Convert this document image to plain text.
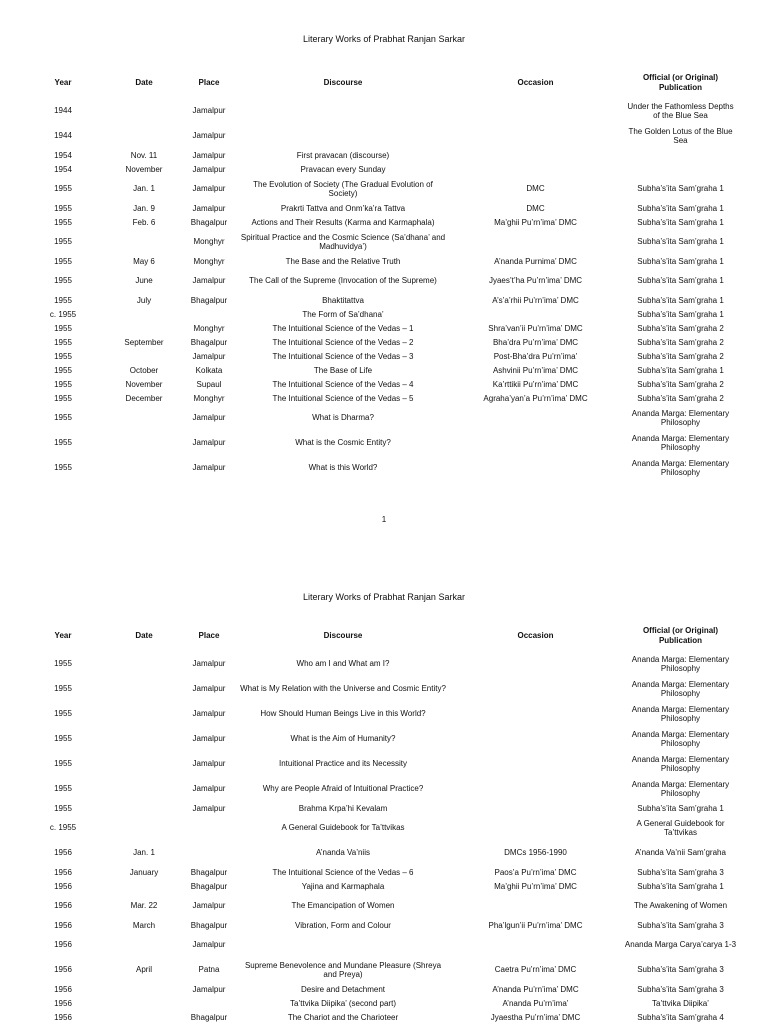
Literary Works of Prabhat Ranjan Sarkar
Year	Date	Place	Discourse	Occasion	Official (or Original) Publication
1944		Jamalpur			Under the Fathomless Depths of the Blue Sea
1944		Jamalpur			The Golden Lotus of the Blue Sea
1954	Nov. 11	Jamalpur	First pravacan (discourse)		
1954	November	Jamalpur	Pravacan every Sunday		
1955	Jan. 1	Jamalpur	The Evolution of Society (The Gradual Evolution of Society)	DMC	Subha’s’ita Sam’graha 1
1955	Jan. 9	Jamalpur	Prakrti Tattva and Onm’ka’ra Tattva	DMC	Subha’s’ita Sam’graha 1
1955	Feb. 6	Bhagalpur	Actions and Their Results (Karma and Karmaphala)	Ma’ghii Pu’rn’ima’ DMC	Subha’s’ita Sam’graha 1
1955		Monghyr	Spiritual Practice and the Cosmic Science (Sa’dhana’ and Madhuvidya’)		Subha’s’ita Sam’graha 1
1955	May 6	Monghyr	The Base and the Relative Truth	A’nanda Purnima’ DMC	Subha’s’ita Sam’graha 1
1955	June	Jamalpur	The Call of the Supreme (Invocation of the Supreme)	Jyaes’t’ha Pu’rn’ima’ DMC	Subha’s’ita Sam’graha 1
1955	July	Bhagalpur	Bhaktitattva	A’s’a’rhii Pu’rn’ima’ DMC	Subha’s’ita Sam’graha 1
c. 1955			The Form of Sa’dhana’		Subha’s’ita Sam’graha 1
1955		Monghyr	The Intuitional Science of the Vedas – 1	Shra’van’ii Pu’rn’ima’ DMC	Subha’s’ita Sam’graha 2
1955	September	Bhagalpur	The Intuitional Science of the Vedas – 2	Bha’dra Pu’rn’ima’ DMC	Subha’s’ita Sam’graha 2
1955		Jamalpur	The Intuitional Science of the Vedas – 3	Post-Bha’dra Pu’rn’ima’	Subha’s’ita Sam’graha 2
1955	October	Kolkata	The Base of Life	Ashvinii Pu’rn’ima’ DMC	Subha’s’ita Sam’graha 1
1955	November	Supaul	The Intuitional Science of the Vedas – 4	Ka’rttikii Pu’rn’ima’ DMC	Subha’s’ita Sam’graha 2
1955	December	Monghyr	The Intuitional Science of the Vedas – 5	Agraha’yan’a Pu’rn’ima’ DMC	Subha’s’ita Sam’graha 2
1955		Jamalpur	What is Dharma?		Ananda Marga: Elementary Philosophy
1955		Jamalpur	What is the Cosmic Entity?		Ananda Marga: Elementary Philosophy
1955		Jamalpur	What is this World?		Ananda Marga: Elementary Philosophy
1
Literary Works of Prabhat Ranjan Sarkar
Year	Date	Place	Discourse	Occasion	Official (or Original) Publication
1955		Jamalpur	Who am I and What am I?		Ananda Marga: Elementary Philosophy
1955		Jamalpur	What is My Relation with the Universe and Cosmic Entity?		Ananda Marga: Elementary Philosophy
1955		Jamalpur	How Should Human Beings Live in this World?		Ananda Marga: Elementary Philosophy
1955		Jamalpur	What is the Aim of Humanity?		Ananda Marga: Elementary Philosophy
1955		Jamalpur	Intuitional Practice and its Necessity		Ananda Marga: Elementary Philosophy
1955		Jamalpur	Why are People Afraid of Intuitional Practice?		Ananda Marga: Elementary Philosophy
1955		Jamalpur	Brahma Krpa’hi Kevalam		Subha’s’ita Sam’graha 1
c. 1955			A General Guidebook for Ta’ttvikas		A General Guidebook for Ta’ttvikas
1956	Jan. 1		A’nanda Va’niis	DMCs 1956-1990	A’nanda Va’nii Sam’graha
1956	January	Bhagalpur	The Intuitional Science of the Vedas – 6	Paos’a Pu’rn’ima’ DMC	Subha’s’ita Sam’graha 3
1956		Bhagalpur	Yajina and Karmaphala	Ma’ghii Pu’rn’ima’ DMC	Subha’s’ita Sam’graha 1
1956	Mar. 22	Jamalpur	The Emancipation of Women		The Awakening of Women
1956	March	Bhagalpur	Vibration, Form and Colour	Pha’lgun’ii Pu’rn’ima’ DMC	Subha’s’ita Sam’graha 3
1956		Jamalpur			Ananda Marga Carya’carya 1-3
1956	April	Patna	Supreme Benevolence and Mundane Pleasure (Shreya and Preya)	Caetra Pu’rn’ima’ DMC	Subha’s’ita Sam’graha 3
1956		Jamalpur	Desire and Detachment	A’nanda Pu’rn’ima’ DMC	Subha’s’ita Sam’graha 3
1956			Ta’ttvika Diipika’ (second part)	A’nanda Pu’rn’ima’	Ta’ttvika Diipika’
1956		Bhagalpur	The Chariot and the Charioteer	Jyaestha Pu’rn’ima’ DMC	Subha’s’ita Sam’graha 4
